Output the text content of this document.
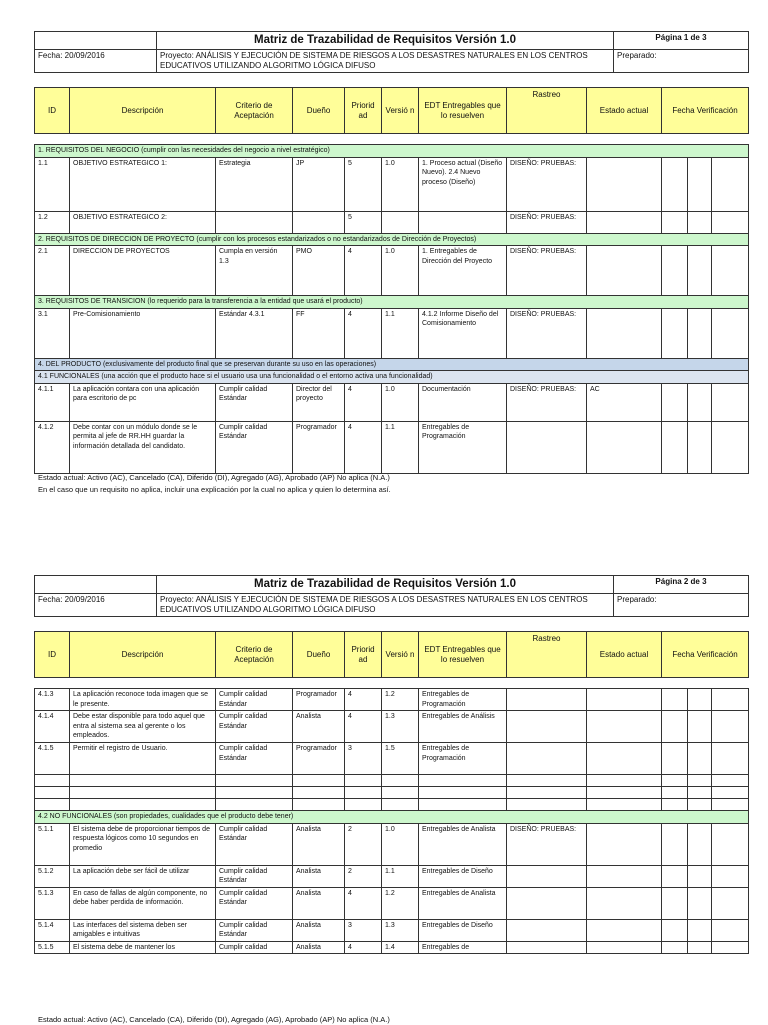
	Matriz de Trazabilidad de Requisitos Versión 1.0	Página 1 de 3
Fecha: 20/09/2016	Proyecto: ANÁLISIS Y EJECUCIÓN DE SISTEMA DE RIESGOS A LOS DESASTRES NATURALES EN LOS CENTROS
EDUCATIVOS UTILIZANDO ALGORITMO LÓGICA DIFUSO	Preparado:
ID	Descripción	Criterio de Aceptación	Dueño	Priorid ad	Versió n	EDT Entregables que lo resuelven	Rastreo	Estado actual	Fecha Verificación		

1. REQUISITOS DEL NEGOCIO (cumplir con las necesidades del negocio a nivel estratégico)											
1.1	OBJETIVO ESTRATEGICO 1:	Estrategia	JP	5	1.0	1. Proceso actual (Diseño Nuevo). 2.4 Nuevo proceso (Diseño)	DISEÑO: PRUEBAS:				
1.2	OBJETIVO ESTRATEGICO 2:			5			DISEÑO: PRUEBAS:				
2. REQUISITOS DE DIRECCION DE PROYECTO (cumplir con los procesos estandarizados o no estandarizados de Dirección de Proyectos)											
2.1	DIRECCION DE PROYECTOS	Cumpla en versión 1.3	PMO	4	1.0	1. Entregables de Dirección del Proyecto	DISEÑO: PRUEBAS:				
3. REQUISITOS DE TRANSICION (lo requerido para la transferencia a la entidad que usará el producto)											
3.1	Pre-Comisionamiento	Estándar 4.3.1	FF	4	1.1	4.1.2 Informe Diseño del Comisionamiento	DISEÑO: PRUEBAS:				
4. DEL PRODUCTO (exclusivamente del producto final que se preservan durante su uso en las operaciones)											
4.1 FUNCIONALES (una acción que el producto hace si el usuario usa una funcionalidad o el entorno activa una funcionalidad)											
4.1.1	La aplicación contara con una aplicación para escritorio de pc	Cumplir calidad Estándar	Director del proyecto	4	1.0	Documentación	DISEÑO: PRUEBAS:	AC			
4.1.2	Debe contar con un módulo donde se le permita al jefe de RR.HH guardar la información detallada del candidato.	Cumplir calidad Estándar	Programador	4	1.1	Entregables de Programación					
Estado actual: Activo (AC), Cancelado (CA), Diferido (DI), Agregado (AG), Aprobado (AP) No aplica (N.A.)
En el caso que un requisito no aplica, incluir una explicación por la cual no aplica y quien lo determina así.
	Matriz de Trazabilidad de Requisitos Versión 1.0	Página 2 de 3
Fecha: 20/09/2016	Proyecto: ANÁLISIS Y EJECUCIÓN DE SISTEMA DE RIESGOS A LOS DESASTRES NATURALES EN LOS CENTROS
EDUCATIVOS UTILIZANDO ALGORITMO LÓGICA DIFUSO	Preparado:
ID	Descripción	Criterio de Aceptación	Dueño	Priorid ad	Versió n	EDT Entregables que lo resuelven	Rastreo	Estado actual	Fecha Verificación		

4.1.3	La aplicación reconoce toda imagen que se le presente.	Cumplir calidad Estándar	Programador	4	1.2	Entregables de Programación					
4.1.4	Debe estar disponible para todo aquel que entra al sistema sea al gerente o los empleados.	Cumplir calidad Estándar	Analista	4	1.3	Entregables de Análisis					
4.1.5	Permitir el registro de Usuario.	Cumplir calidad Estándar	Programador	3	1.5	Entregables de Programación					

4.2 NO FUNCIONALES (son propiedades, cualidades que el producto debe tener)											
5.1.1	El sistema debe de proporcionar tiempos de respuesta lógicos como 10 segundos en promedio	Cumplir calidad Estándar	Analista	2	1.0	Entregables de Analista	DISEÑO: PRUEBAS:				
5.1.2	La aplicación debe ser fácil de utilizar	Cumplir calidad Estándar	Analista	2	1.1	Entregables de Diseño					
5.1.3	En caso de fallas de algún componente, no debe haber perdida de información.	Cumplir calidad Estándar	Analista	4	1.2	Entregables de Analista					
5.1.4	Las interfaces del sistema deben ser amigables e intuitivas	Cumplir calidad Estándar	Analista	3	1.3	Entregables de Diseño					
5.1.5	El sistema debe de mantener los	Cumplir calidad	Analista	4	1.4	Entregables de					
Estado actual: Activo (AC), Cancelado (CA), Diferido (DI), Agregado (AG), Aprobado (AP) No aplica (N.A.)
